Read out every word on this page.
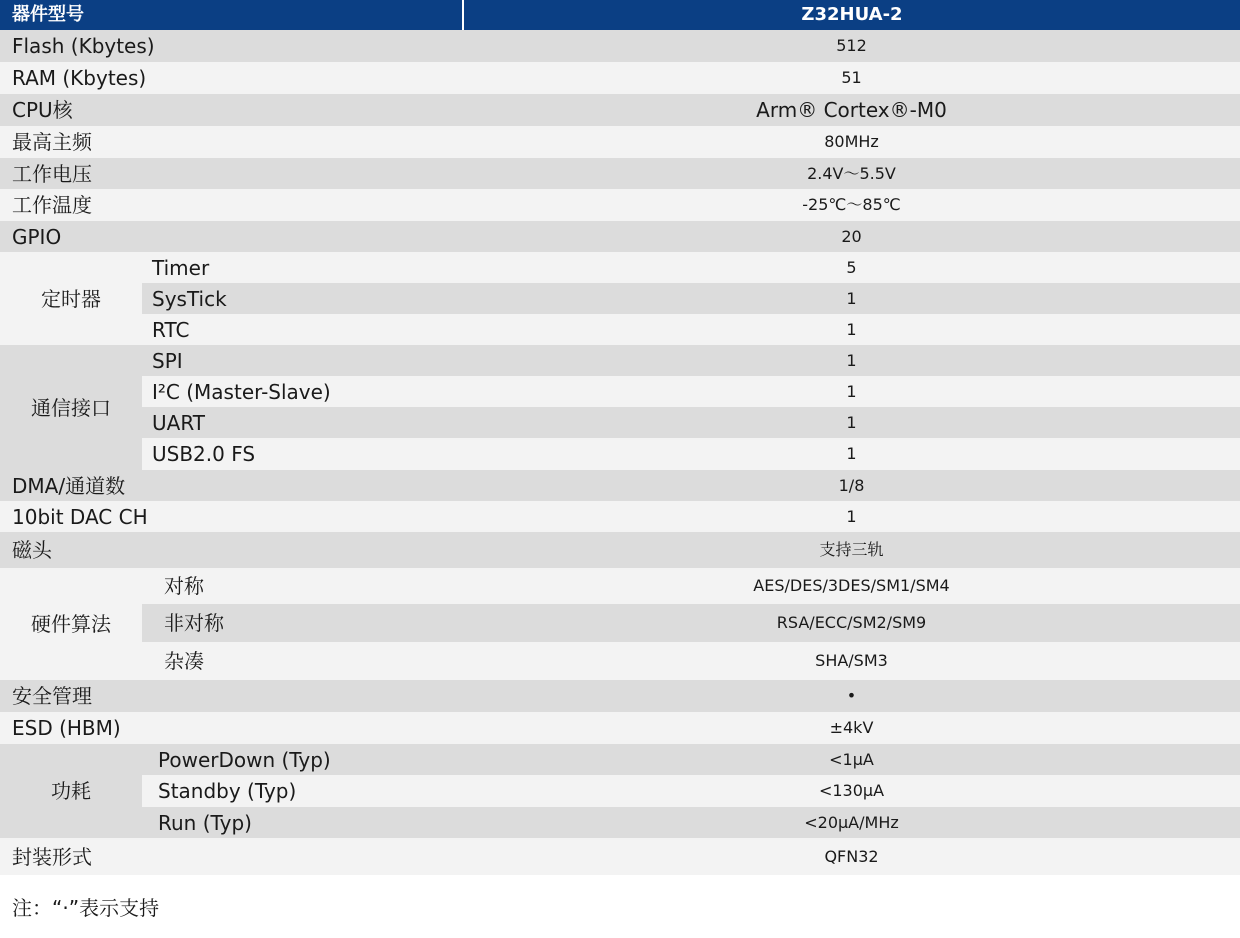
器件型号		Z32HUA-2
Flash (Kbytes)		512
RAM (Kbytes)		51
CPU核		Arm® Cortex®-M0
最高主频		80MHz
工作电压		2.4V～5.5V
工作温度		-25℃～85℃
GPIO		20
定时器	Timer	5
	SysTick	1
	RTC	1
通信接口	SPI	1
	I²C (Master-Slave)	1
	UART	1
	USB2.0 FS	1
DMA/通道数		1/8
10bit DAC CH		1
磁头		支持三轨
硬件算法	对称	AES/DES/3DES/SM1/SM4
	非对称	RSA/ECC/SM2/SM9
	杂凑	SHA/SM3
安全管理		•
ESD (HBM)		±4kV
功耗	PowerDown (Typ)	<1μA
	Standby (Typ)	<130μA
	Run (Typ)	<20μA/MHz
封装形式		QFN32
注：“·”表示支持
